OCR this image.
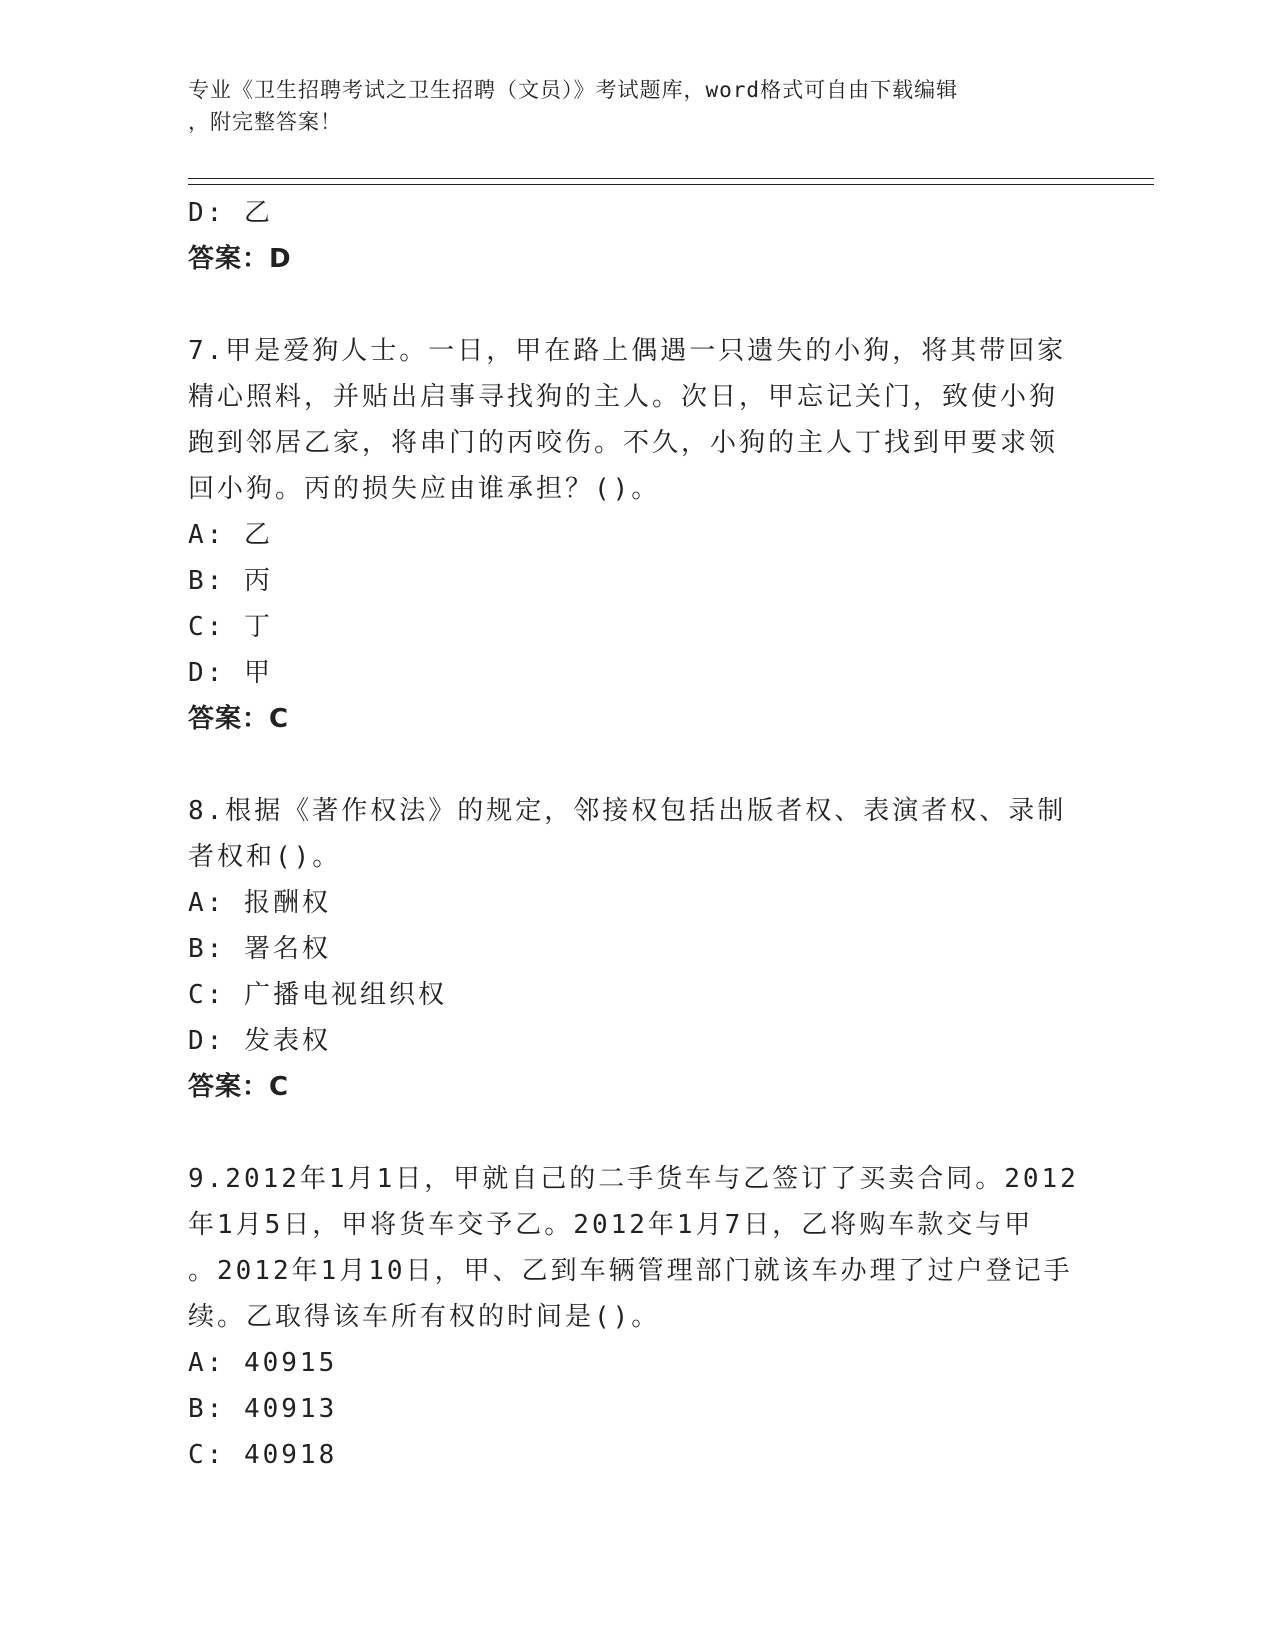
专业《卫生招聘考试之卫生招聘（文员）》考试题库，word格式可自由下载编辑
，附完整答案！
D: 乙
答案：D
7.甲是爱狗人士。一日，甲在路上偶遇一只遗失的小狗，将其带回家
精心照料，并贴出启事寻找狗的主人。次日，甲忘记关门，致使小狗
跑到邻居乙家，将串门的丙咬伤。不久，小狗的主人丁找到甲要求领
回小狗。丙的损失应由谁承担？()。
A: 乙
B: 丙
C: 丁
D: 甲
答案：C
8.根据《著作权法》的规定，邻接权包括出版者权、表演者权、录制
者权和()。
A: 报酬权
B: 署名权
C: 广播电视组织权
D: 发表权
答案：C
9.2012年1月1日，甲就自己的二手货车与乙签订了买卖合同。2012
年1月5日，甲将货车交予乙。2012年1月7日，乙将购车款交与甲
。2012年1月10日，甲、乙到车辆管理部门就该车办理了过户登记手
续。乙取得该车所有权的时间是()。
A: 40915
B: 40913
C: 40918
